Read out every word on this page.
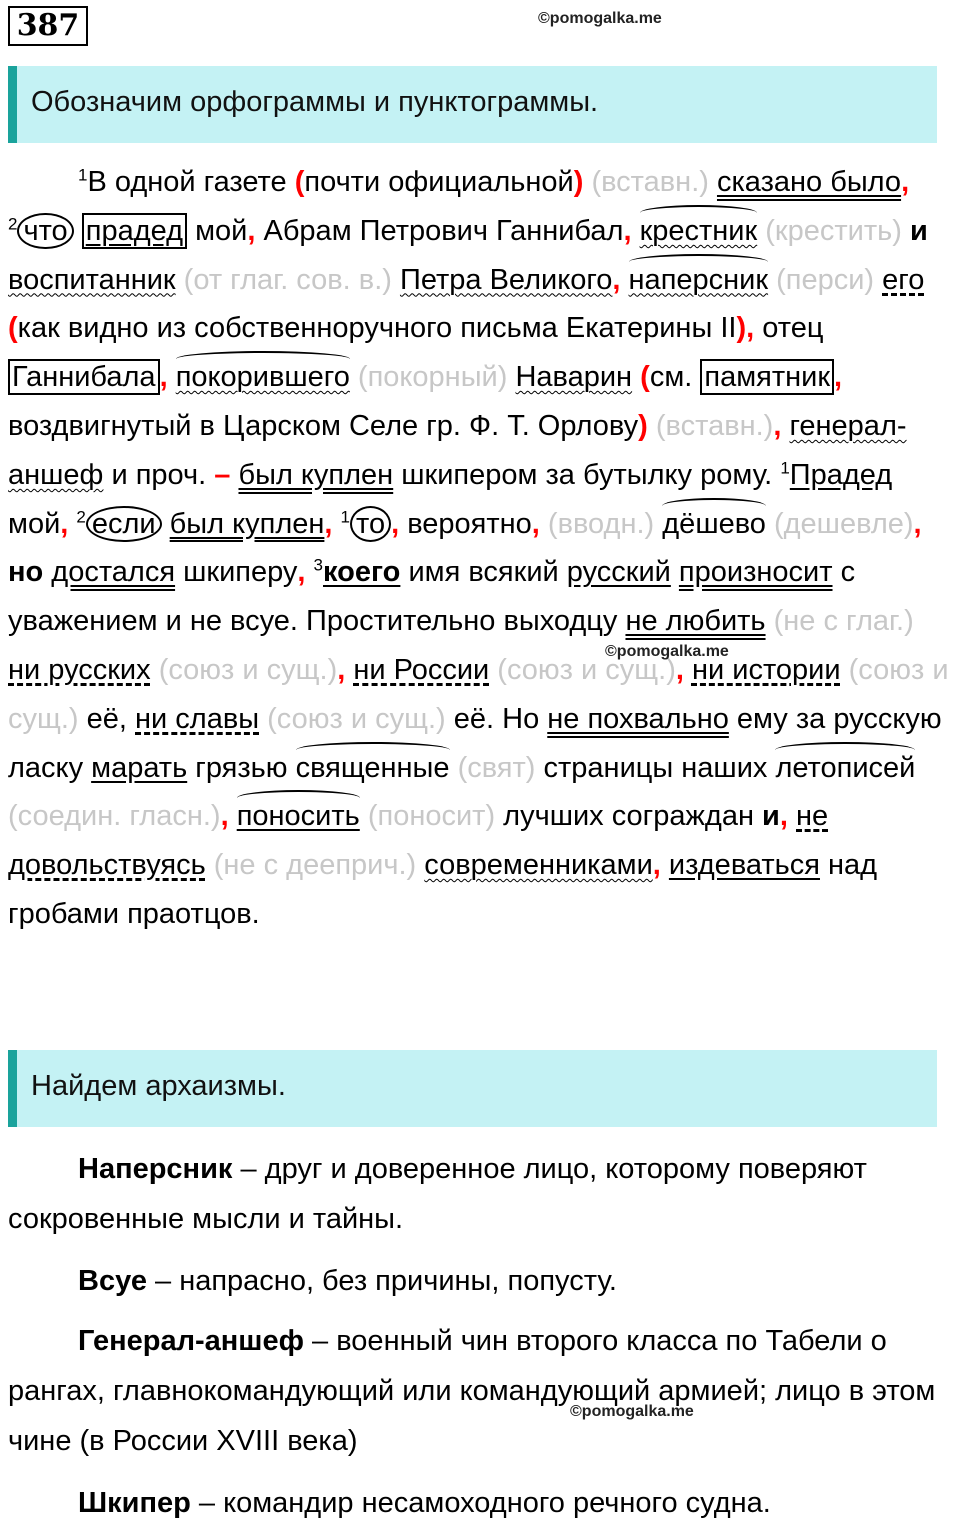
387	©pomogalka.me
Обозначим орфограммы и пунктограммы.

$^1$В одной газете (почти официальной) (вставн.) сказано было, $^2$ что прадед мой, Абрам Петрович Ганнибал, крестник (крестить) и воспитанник (от глаг. сов. в.) Петра Великого, наперсник (перси) его (как видно из собственноручного письма Екатерины II), отец Ганнибала , покорившего (покорный) Наварин (см. памятник , воздвигнутый в Царском Селе гр. Ф. Т. Орлову) (вставн.), генерал-аншеф и проч. – был куплен шкипером за бутылку рому. $^1$Прадед мой, $^2$ если был куплен, $^1$ то , вероятно, (вводн.) дёшево (дешевле), но достался шкиперу, $^3$коего имя всякий русский произносит с уважением и не всуе. Простительно выходцу не любить (не с глаг.) ни русских (союз и сущ.), ни России (союз и сущ.), ни истории (союз и сущ.) её, ни славы (союз и сущ.) её. Но не похвально ему за русскую ласку марать грязью священные (свят) страницы наших летописей (соедин. гласн.), поносить (поносит) лучших сограждан и, не довольствуясь (не с дееприч.) современниками, издеваться над гробами праотцов.

©pomogalka.me
Найдем архаизмы.

Наперсник – друг и доверенное лицо, которому поверяют сокровенные мысли и тайны.

Всуе – напрасно, без причины, попусту.

Генерал-аншеф – военный чин второго класса по Табели о рангах, главнокомандующий или командующий армией; лицо в этом чине (в России XVIII века)

©pomogalka.me

Шкипер – командир несамоходного речного судна.
